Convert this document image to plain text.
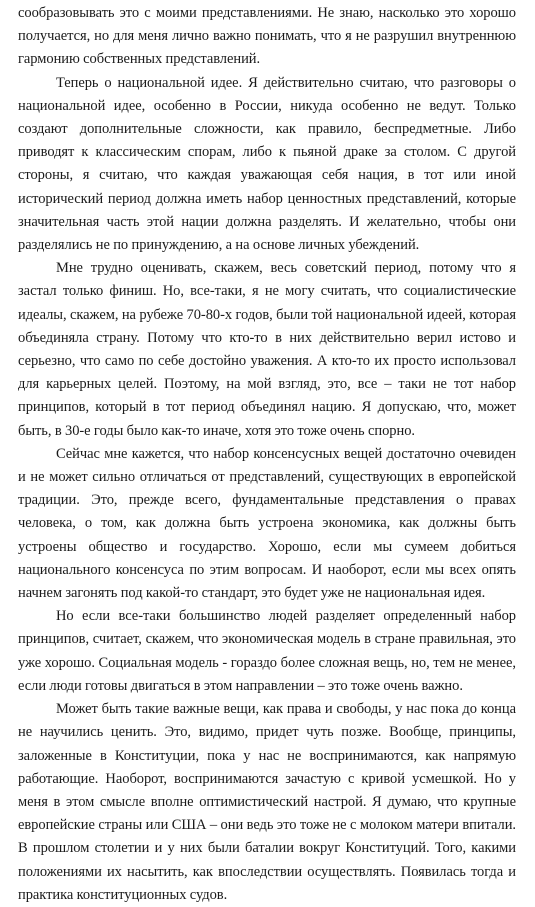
сообразовывать это с моими представлениями. Не знаю, насколько это хорошо получается, но для меня лично важно понимать, что я не разрушил внутреннюю гармонию собственных представлений.

Теперь о национальной идее. Я действительно считаю, что разговоры о национальной идее, особенно в России, никуда особенно не ведут. Только создают дополнительные сложности, как правило, беспредметные. Либо приводят к классическим спорам, либо к пьяной драке за столом. С другой стороны, я считаю, что каждая уважающая себя нация, в тот или иной исторический период должна иметь набор ценностных представлений, которые значительная часть этой нации должна разделять. И желательно, чтобы они разделялись не по принуждению, а на основе личных убеждений.

Мне трудно оценивать, скажем, весь советский период, потому что я застал только финиш. Но, все-таки, я не могу считать, что социалистические идеалы, скажем, на рубеже 70-80-х годов, были той национальной идеей, которая объединяла страну. Потому что кто-то в них действительно верил истово и серьезно, что само по себе достойно уважения. А кто-то их просто использовал для карьерных целей. Поэтому, на мой взгляд, это, все – таки не тот набор принципов, который в тот период объединял нацию. Я допускаю, что, может быть, в 30-е годы было как-то иначе, хотя это тоже очень спорно.

Сейчас мне кажется, что набор консенсусных вещей достаточно очевиден и не может сильно отличаться от представлений, существующих в европейской традиции. Это, прежде всего, фундаментальные представления о правах человека, о том, как должна быть устроена экономика, как должны быть устроены общество и государство. Хорошо, если мы сумеем добиться национального консенсуса по этим вопросам. И наоборот, если мы всех опять начнем загонять под какой-то стандарт, это будет уже не национальная идея.

Но если все-таки большинство людей разделяет определенный набор принципов, считает, скажем, что экономическая модель в стране правильная, это уже хорошо. Социальная модель - гораздо более сложная вещь, но, тем не менее, если люди готовы двигаться в этом направлении – это тоже очень важно.

Может быть такие важные вещи, как права и свободы, у нас пока до конца не научились ценить. Это, видимо, придет чуть позже. Вообще, принципы, заложенные в Конституции, пока у нас не воспринимаются, как напрямую работающие. Наоборот, воспринимаются зачастую с кривой усмешкой. Но у меня в этом смысле вполне оптимистический настрой. Я думаю, что крупные европейские страны или США – они ведь это тоже не с молоком матери впитали. В прошлом столетии и у них были баталии вокруг Конституций. Того, какими положениями их насытить, как впоследствии осуществлять. Появилась тогда и практика конституционных судов.
